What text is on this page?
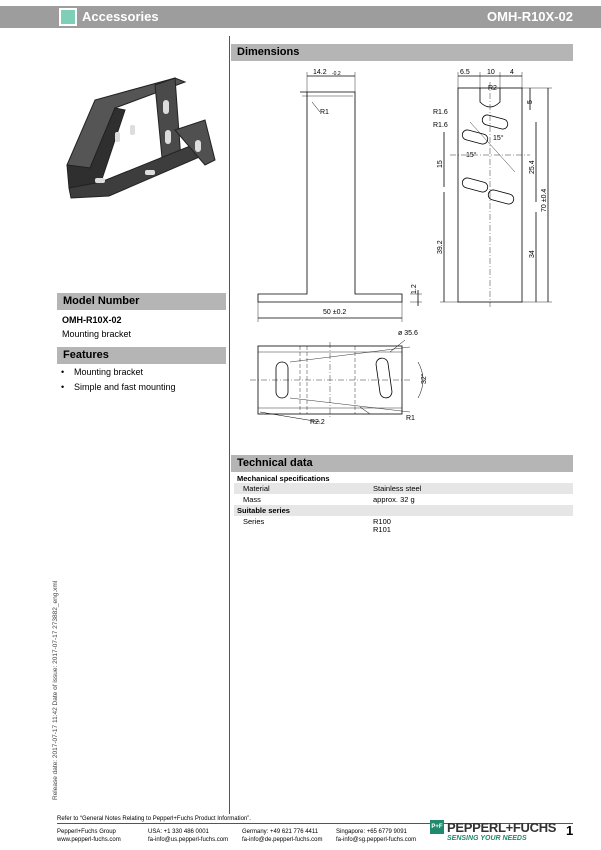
Accessories	OMH-R10X-02
Model Number
OMH-R10X-02
Mounting bracket
Features
Mounting bracket
Simple and fast mounting
Release date: 2017-07-17 11:42 Date of issue: 2017-07-17 273882_eng.xml
Dimensions
14.2 -0.2
R1
50 ±0.2
1.2
6.5 10 4
R2
R1.6
R1.6
5
15°
15°
15	25.4
70 ±0.4
39.2
34
ø 35.6
32°
R1
R2.2
Technical data
Mechanical specifications
Material	Stainless steel
Mass	approx. 32 g
Suitable series
Series	R100
R101
Refer to “General Notes Relating to Pepperl+Fuchs Product Information”.
Pepperl+Fuchs Group
www.pepperl-fuchs.com
USA: +1 330 486 0001
fa-info@us.pepperl-fuchs.com
Germany: +49 621 776 4411
fa-info@de.pepperl-fuchs.com
Singapore: +65 6779 9091
fa-info@sg.pepperl-fuchs.com
P+F PEPPERL+FUCHS
SENSING YOUR NEEDS
1
